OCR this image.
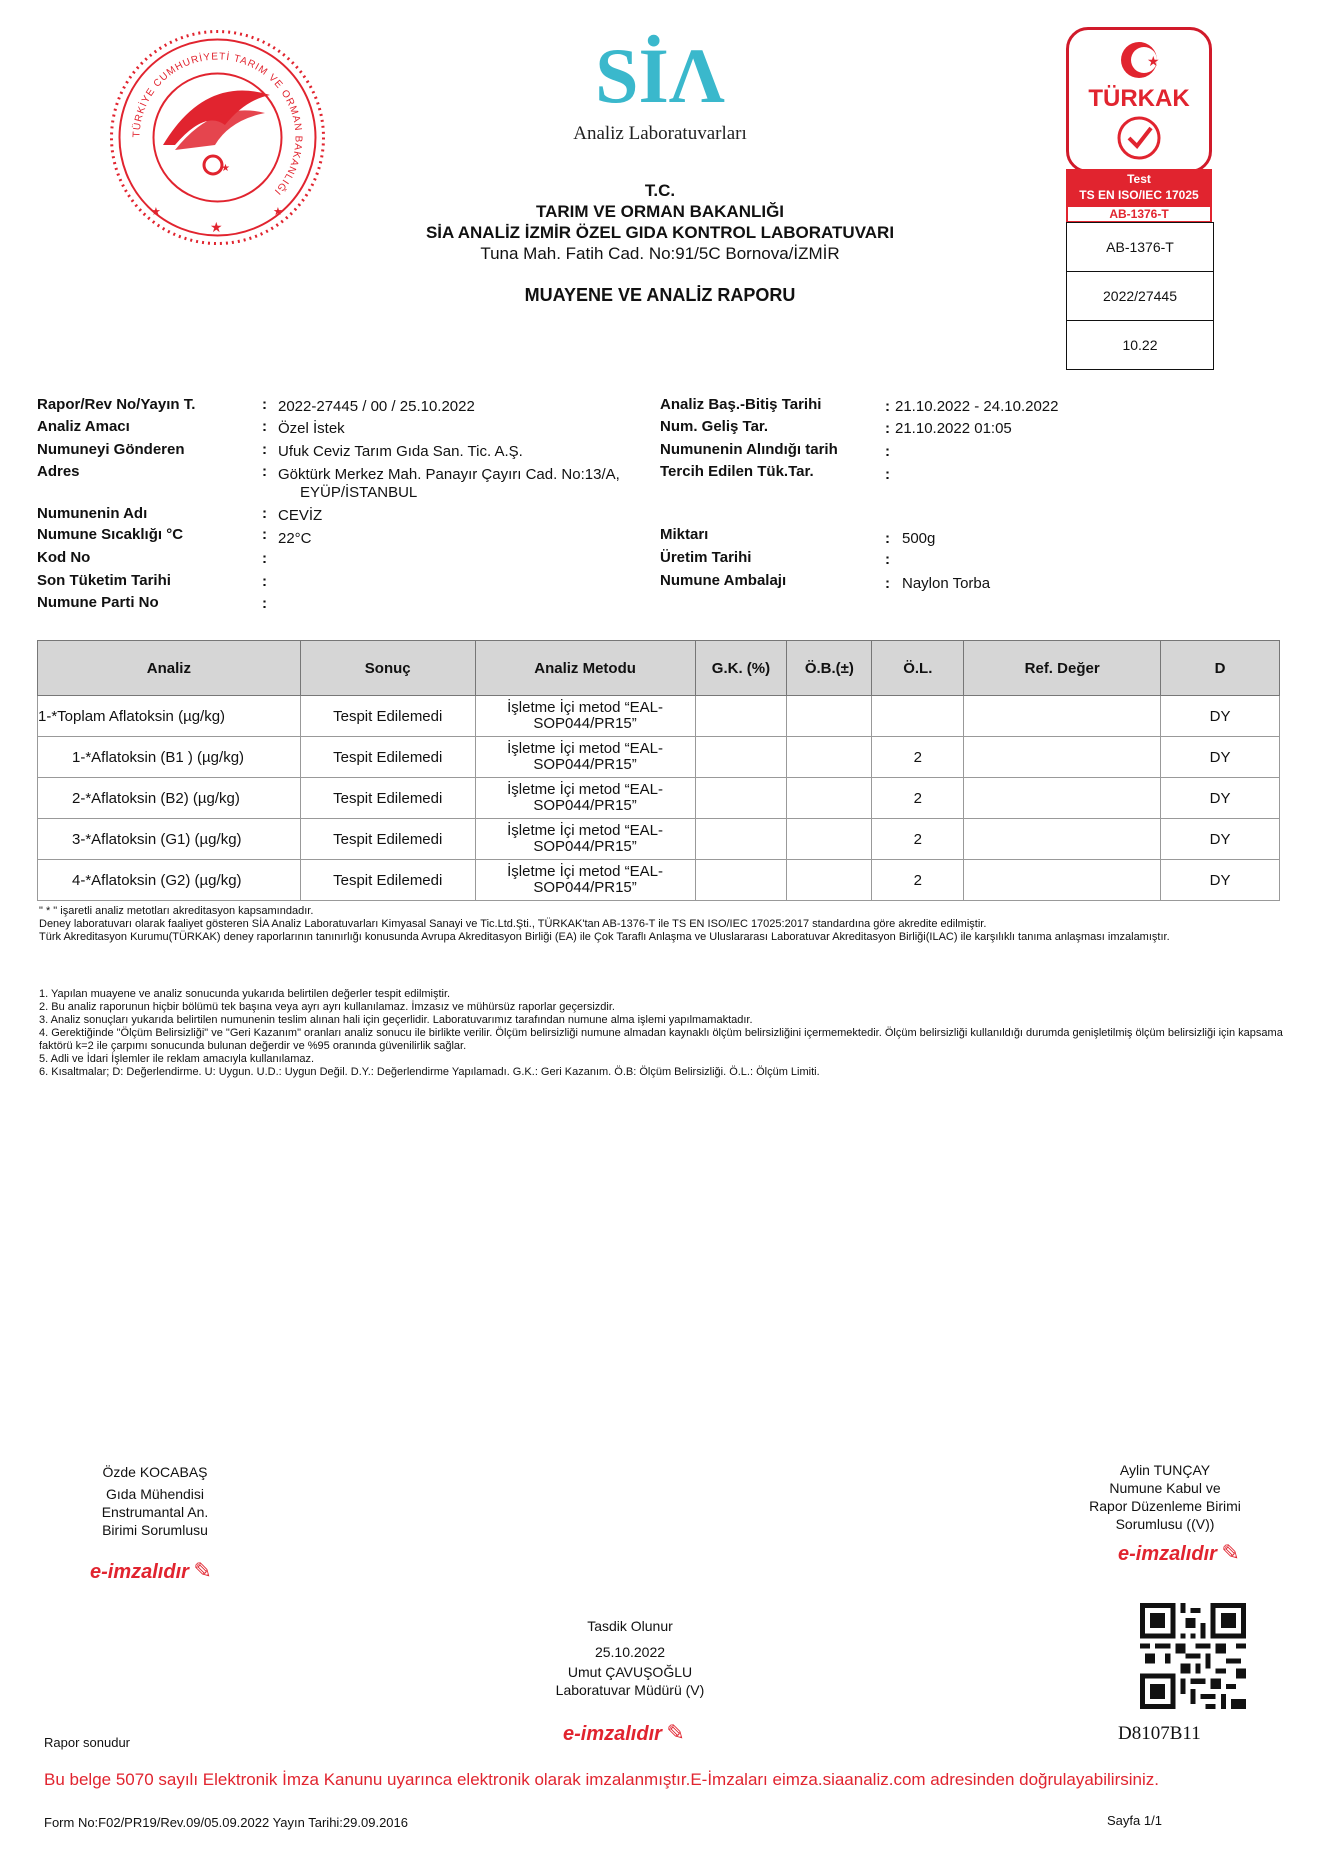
TÜRKİYE CUMHURİYETİ TARIM VE ORMAN BAKANLIĞI
★
★
★	★
SİΛ
Analiz Laboratuvarları
T.C.
TARIM VE ORMAN BAKANLIĞI
SİA ANALİZ İZMİR ÖZEL GIDA KONTROL LABORATUVARI
Tuna Mah. Fatih Cad. No:91/5C Bornova/İZMİR
MUAYENE VE ANALİZ RAPORU
★
TÜRKAK
Test
TS EN ISO/IEC 17025
AB-1376-T
AB-1376-T
2022/27445
10.22
Rapor/Rev No/Yayın T.	: 2022-27445 / 00 / 25.10.2022
Analiz Amacı	: Özel İstek
Numuneyi Gönderen	: Ufuk Ceviz Tarım Gıda San. Tic. A.Ş.
Adres	: Göktürk Merkez Mah. Panayır Çayırı Cad. No:13/A,
EYÜP/İSTANBUL
Numunenin Adı	: CEVİZ
Numune Sıcaklığı °C	: 22°C
Kod No	:
Son Tüketim Tarihi	:
Numune Parti No	:
Analiz Baş.-Bitiş Tarihi	: 21.10.2022 - 24.10.2022
Num. Geliş Tar.	: 21.10.2022 01:05
Numunenin Alındığı tarih	:
Tercih Edilen Tük.Tar.	:
Miktarı	: 500g
Üretim Tarihi	:
Numune Ambalajı	: Naylon Torba
Analiz	Sonuç	Analiz Metodu	G.K. (%)	Ö.B.(±)	Ö.L.	Ref. Değer	D
1-*Toplam Aflatoksin (µg/kg)	Tespit Edilemedi	İşletme İçi metod “EAL-SOP044/PR15”					DY
1-*Aflatoksin (B1 ) (µg/kg)	Tespit Edilemedi	İşletme İçi metod “EAL-SOP044/PR15”			2		DY
2-*Aflatoksin (B2) (µg/kg)	Tespit Edilemedi	İşletme İçi metod “EAL-SOP044/PR15”			2		DY
3-*Aflatoksin (G1) (µg/kg)	Tespit Edilemedi	İşletme İçi metod “EAL-SOP044/PR15”			2		DY
4-*Aflatoksin (G2) (µg/kg)	Tespit Edilemedi	İşletme İçi metod “EAL-SOP044/PR15”			2		DY
" * " işaretli analiz metotları akreditasyon kapsamındadır.
Deney laboratuvarı olarak faaliyet gösteren SİA Analiz Laboratuvarları Kimyasal Sanayi ve Tic.Ltd.Şti., TÜRKAK'tan AB-1376-T ile TS EN ISO/IEC 17025:2017 standardına göre akredite edilmiştir.
Türk Akreditasyon Kurumu(TÜRKAK) deney raporlarının tanınırlığı konusunda Avrupa Akreditasyon Birliği (EA) ile Çok Taraflı Anlaşma ve Uluslararası Laboratuvar Akreditasyon Birliği(ILAC) ile karşılıklı tanıma anlaşması imzalamıştır.
1. Yapılan muayene ve analiz sonucunda yukarıda belirtilen değerler tespit edilmiştir.
2. Bu analiz raporunun hiçbir bölümü tek başına veya ayrı ayrı kullanılamaz. İmzasız ve mühürsüz raporlar geçersizdir.
3. Analiz sonuçları yukarıda belirtilen numunenin teslim alınan hali için geçerlidir. Laboratuvarımız tarafından numune alma işlemi yapılmamaktadır.
4. Gerektiğinde "Ölçüm Belirsizliği" ve "Geri Kazanım" oranları analiz sonucu ile birlikte verilir. Ölçüm belirsizliği numune almadan kaynaklı ölçüm belirsizliğini içermemektedir. Ölçüm belirsizliği kullanıldığı durumda genişletilmiş ölçüm belirsizliği için kapsama faktörü k=2 ile çarpımı sonucunda bulunan değerdir ve %95 oranında güvenilirlik sağlar.
5. Adli ve İdari İşlemler ile reklam amacıyla kullanılamaz.
6. Kısaltmalar; D: Değerlendirme. U: Uygun. U.D.: Uygun Değil. D.Y.: Değerlendirme Yapılamadı. G.K.: Geri Kazanım. Ö.B: Ölçüm Belirsizliği. Ö.L.: Ölçüm Limiti.
Özde KOCABAŞ
Gıda Mühendisi
Enstrumantal An.
Birimi Sorumlusu
e-imzalıdır ✎
Aylin TUNÇAY
Numune Kabul ve
Rapor Düzenleme Birimi
Sorumlusu ((V))
e-imzalıdır ✎
Tasdik Olunur
25.10.2022
Umut ÇAVUŞOĞLU
Laboratuvar Müdürü (V)
e-imzalıdır ✎	D8107B11
Rapor sonudur
Bu belge 5070 sayılı Elektronik İmza Kanunu uyarınca elektronik olarak imzalanmıştır.E-İmzaları eimza.siaanaliz.com adresinden doğrulayabilirsiniz.
Form No:F02/PR19/Rev.09/05.09.2022 Yayın Tarihi:29.09.2016	Sayfa 1/1
